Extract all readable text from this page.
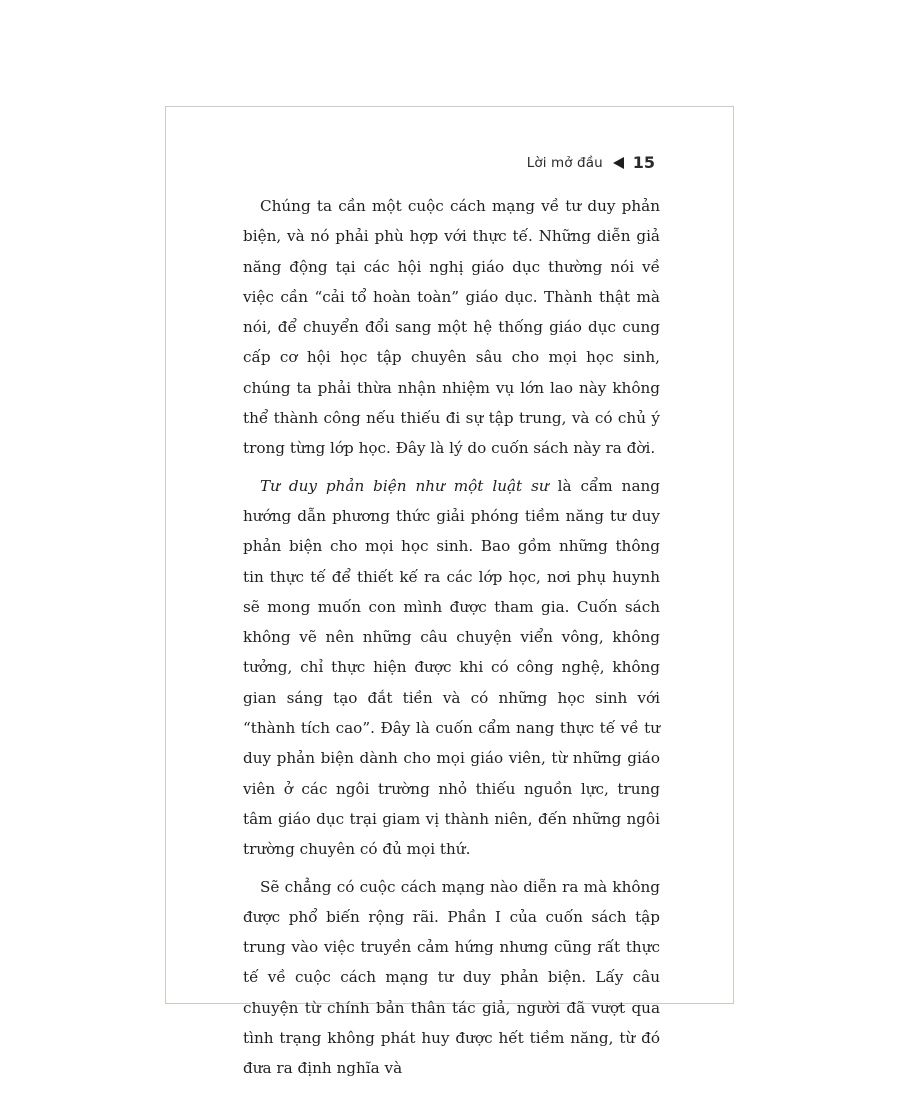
Lời mở đầu 15

Chúng ta cần một cuộc cách mạng về tư duy phản biện, và nó phải phù hợp với thực tế. Những diễn giả năng động tại các hội nghị giáo dục thường nói về việc cần “cải tổ hoàn toàn” giáo dục. Thành thật mà nói, để chuyển đổi sang một hệ thống giáo dục cung cấp cơ hội học tập chuyên sâu cho mọi học sinh, chúng ta phải thừa nhận nhiệm vụ lớn lao này không thể thành công nếu thiếu đi sự tập trung, và có chủ ý trong từng lớp học. Đây là lý do cuốn sách này ra đời.

Tư duy phản biện như một luật sư là cẩm nang hướng dẫn phương thức giải phóng tiềm năng tư duy phản biện cho mọi học sinh. Bao gồm những thông tin thực tế để thiết kế ra các lớp học, nơi phụ huynh sẽ mong muốn con mình được tham gia. Cuốn sách không vẽ nên những câu chuyện viển vông, không tưởng, chỉ thực hiện được khi có công nghệ, không gian sáng tạo đắt tiền và có những học sinh với “thành tích cao”. Đây là cuốn cẩm nang thực tế về tư duy phản biện dành cho mọi giáo viên, từ những giáo viên ở các ngôi trường nhỏ thiếu nguồn lực, trung tâm giáo dục trại giam vị thành niên, đến những ngôi trường chuyên có đủ mọi thứ.

Sẽ chẳng có cuộc cách mạng nào diễn ra mà không được phổ biến rộng rãi. Phần I của cuốn sách tập trung vào việc truyền cảm hứng nhưng cũng rất thực tế về cuộc cách mạng tư duy phản biện. Lấy câu chuyện từ chính bản thân tác giả, người đã vượt qua tình trạng không phát huy được hết tiềm năng, từ đó đưa ra định nghĩa và
